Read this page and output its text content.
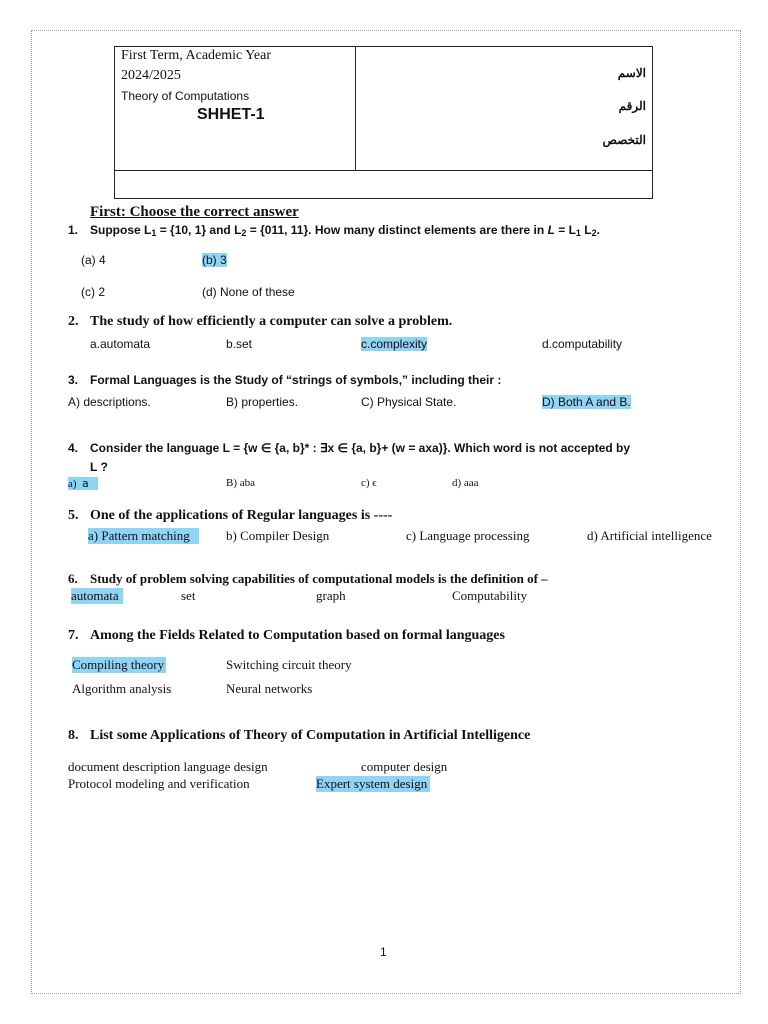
First Term, Academic Year
2024/2025
Theory of Computations
SHHET-1
الاسم
الرقم
التخصص
First: Choose the correct answer
1. Suppose $L_1 = \{10$, 1} and $L_2 = \{011$, 11}. How many distinct elements are there in $L = L_1$ $L_2$.
(a) 4	(b) 3
(c) 2	(d) None of these
2. The study of how efficiently a computer can solve a problem.
a.automata	b.set	c.complexity	d.computability
3. Formal Languages is the Study of “strings of symbols,” including their :
A) descriptions.	B) properties.	C) Physical State.	D) Both A and B.
4. Consider the language L = {w ∈ {a, b}* : ∃x ∈ {a, b}+ (w = axa)}. Which word is not accepted by
L ?
a) a	B) aba	c) ϵ	d) aaa
5. One of the applications of Regular languages is ----
a) Pattern matching	b) Compiler Design	c) Language processing	d) Artificial intelligence
6. Study of problem solving capabilities of computational models is the definition of –
automata	set	graph	Computability
7. Among the Fields Related to Computation based on formal languages
Compiling theory	Switching circuit theory
Algorithm analysis	Neural networks
8. List some Applications of Theory of Computation in Artificial Intelligence
document description language design	computer design
Protocol modeling and verification	Expert system design
1
